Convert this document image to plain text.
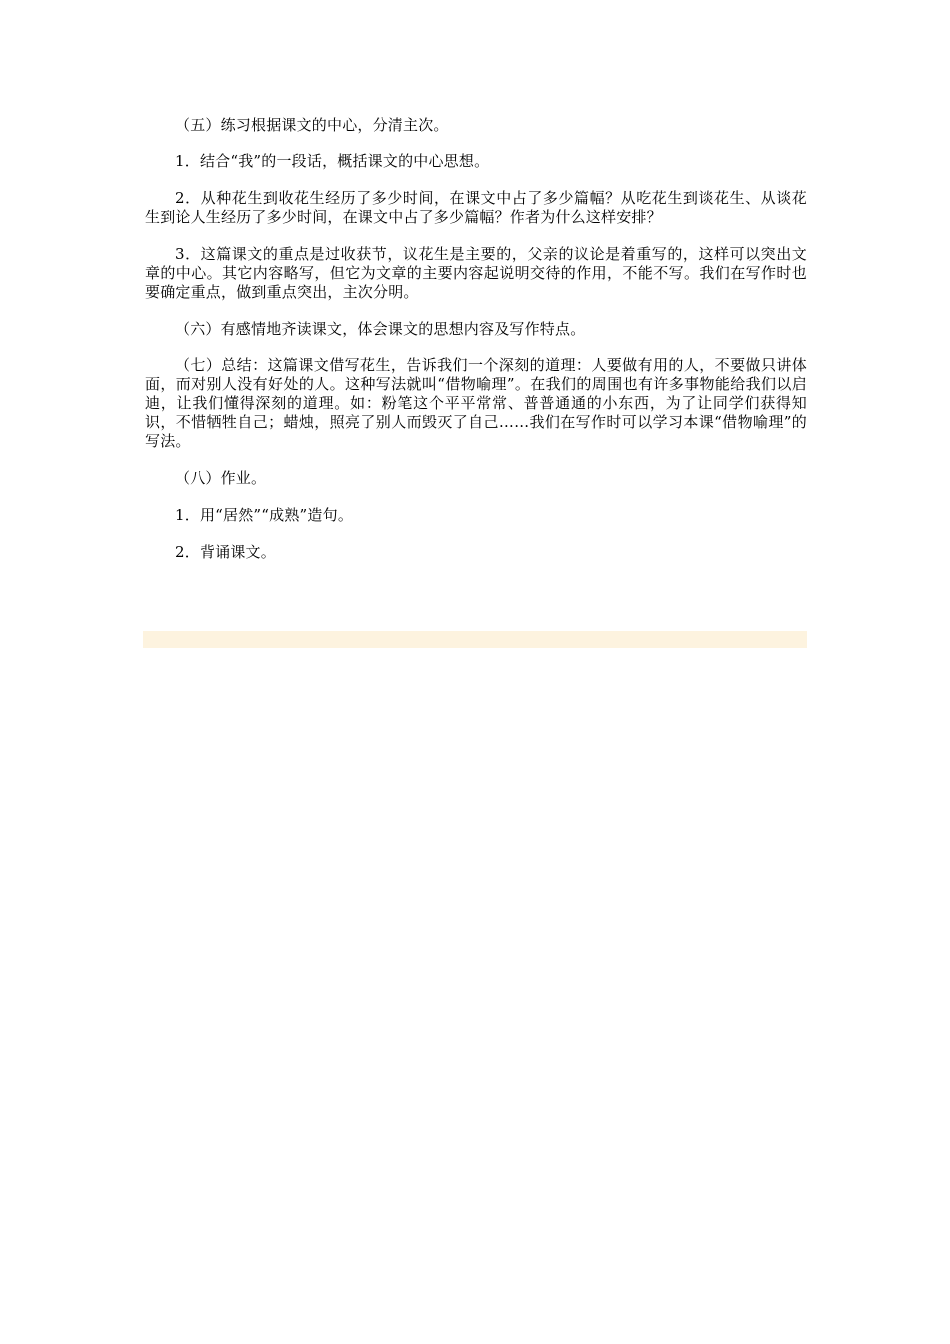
（五）练习根据课文的中心，分清主次。

1．结合“我”的一段话，概括课文的中心思想。

2．从种花生到收花生经历了多少时间，在课文中占了多少篇幅？从吃花生到谈花生、从谈花生到论人生经历了多少时间，在课文中占了多少篇幅？作者为什么这样安排？

3．这篇课文的重点是过收获节，议花生是主要的，父亲的议论是着重写的，这样可以突出文章的中心。其它内容略写，但它为文章的主要内容起说明交待的作用，不能不写。我们在写作时也要确定重点，做到重点突出，主次分明。

（六）有感情地齐读课文，体会课文的思想内容及写作特点。

（七）总结：这篇课文借写花生，告诉我们一个深刻的道理：人要做有用的人，不要做只讲体面，而对别人没有好处的人。这种写法就叫“借物喻理”。在我们的周围也有许多事物能给我们以启迪，让我们懂得深刻的道理。如：粉笔这个平平常常、普普通通的小东西，为了让同学们获得知识，不惜牺牲自己；蜡烛，照亮了别人而毁灭了自己……我们在写作时可以学习本课“借物喻理”的写法。

（八）作业。

1．用“居然”“成熟”造句。

2．背诵课文。
